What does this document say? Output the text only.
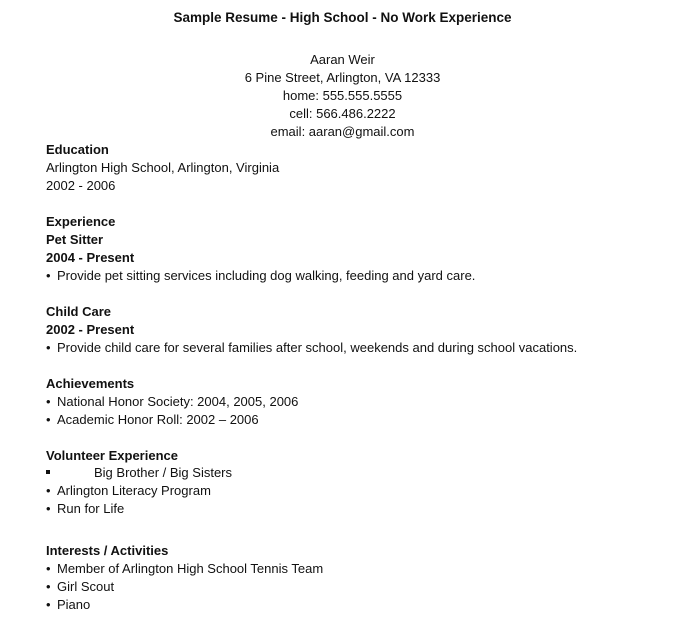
Sample Resume - High School - No Work Experience
Aaran Weir
6 Pine Street, Arlington, VA 12333
home: 555.555.5555
cell: 566.486.2222
email: aaran@gmail.com
Education
Arlington High School, Arlington, Virginia
2002 - 2006
Experience
Pet Sitter
2004 - Present
• Provide pet sitting services including dog walking, feeding and yard care.
Child Care
2002 - Present
• Provide child care for several families after school, weekends and during school vacations.
Achievements
• National Honor Society: 2004, 2005, 2006
• Academic Honor Roll: 2002 – 2006
Volunteer Experience
Big Brother / Big Sisters
• Arlington Literacy Program
• Run for Life
Interests / Activities
• Member of Arlington High School Tennis Team
• Girl Scout
• Piano
